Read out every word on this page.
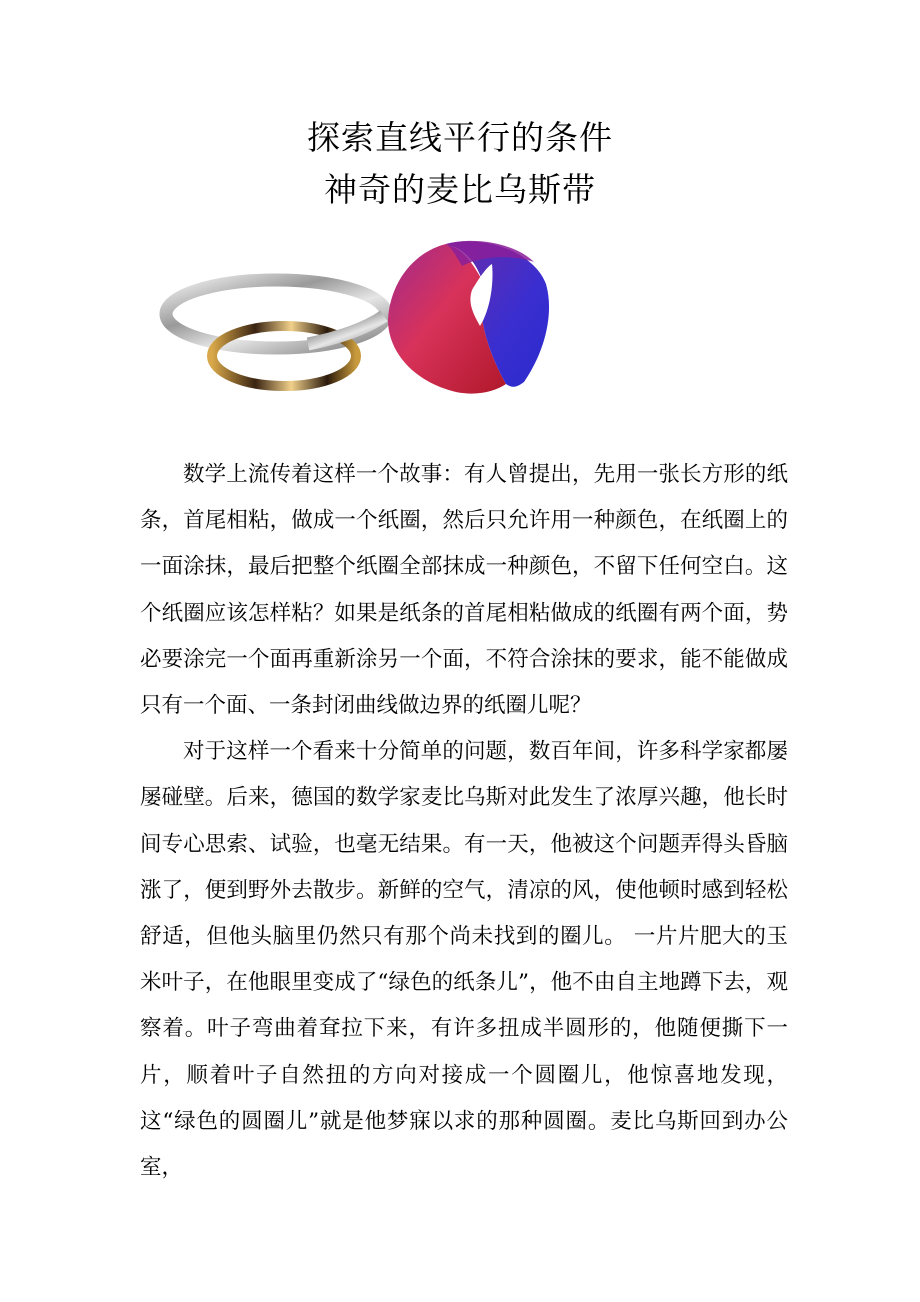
探索直线平行的条件
神奇的麦比乌斯带

数学上流传着这样一个故事：有人曾提出，先用一张长方形的纸条，首尾相粘，做成一个纸圈，然后只允许用一种颜色，在纸圈上的一面涂抹，最后把整个纸圈全部抹成一种颜色，不留下任何空白。这个纸圈应该怎样粘？如果是纸条的首尾相粘做成的纸圈有两个面，势必要涂完一个面再重新涂另一个面，不符合涂抹的要求，能不能做成只有一个面、一条封闭曲线做边界的纸圈儿呢？

对于这样一个看来十分简单的问题，数百年间，许多科学家都屡屡碰壁。后来，德国的数学家麦比乌斯对此发生了浓厚兴趣，他长时间专心思索、试验，也毫无结果。有一天，他被这个问题弄得头昏脑涨了，便到野外去散步。新鲜的空气，清凉的风，使他顿时感到轻松舒适，但他头脑里仍然只有那个尚未找到的圈儿。 一片片肥大的玉米叶子，在他眼里变成了“绿色的纸条儿”，他不由自主地蹲下去，观察着。叶子弯曲着耷拉下来，有许多扭成半圆形的，他随便撕下一片，顺着叶子自然扭的方向对接成一个圆圈儿，他惊喜地发现，这“绿色的圆圈儿”就是他梦寐以求的那种圆圈。麦比乌斯回到办公室，
